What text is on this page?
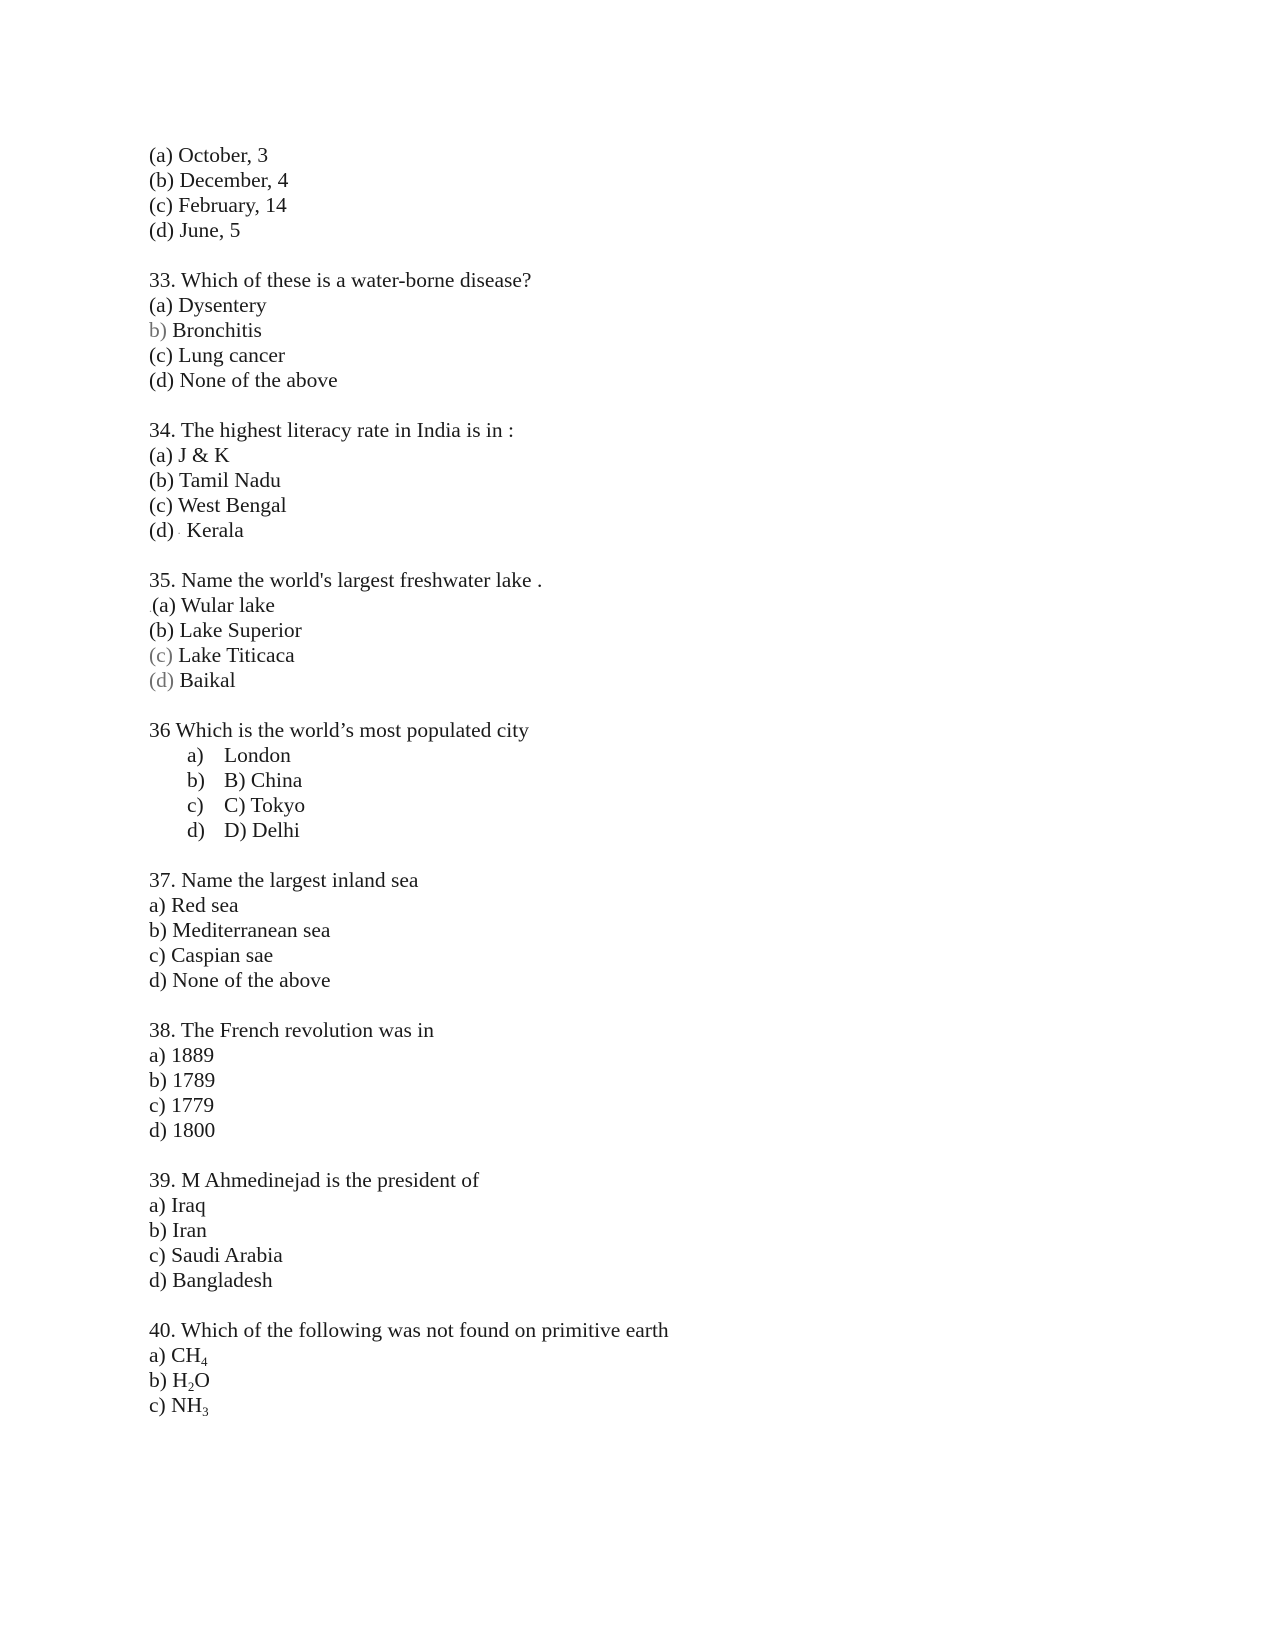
(a) October, 3
(b) December, 4
(c) February, 14
(d) June, 5
33. Which of these is a water-borne disease?
(a) Dysentery
b) Bronchitis
(c) Lung cancer
(d) None of the above
34. The highest literacy rate in India is in :
(a) J & K
(b) Tamil Nadu
(c) West Bengal
(d) · Kerala
35. Name the world's largest freshwater lake .
.(a) Wular lake
(b) Lake Superior
(c) Lake Titicaca
(d) Baikal
36 Which is the world’s most populated city
a) London
b) B) China
c) C) Tokyo
d) D) Delhi
37. Name the largest inland sea
a) Red sea
b) Mediterranean sea
c) Caspian sae
d) None of the above
38. The French revolution was in
a) 1889
b) 1789
c) 1779
d) 1800
39. M Ahmedinejad is the president of
a) Iraq
b) Iran
c) Saudi Arabia
d) Bangladesh
40. Which of the following was not found on primitive earth
a) $CH_4$
b) $H_2O$
c) $NH_3$
